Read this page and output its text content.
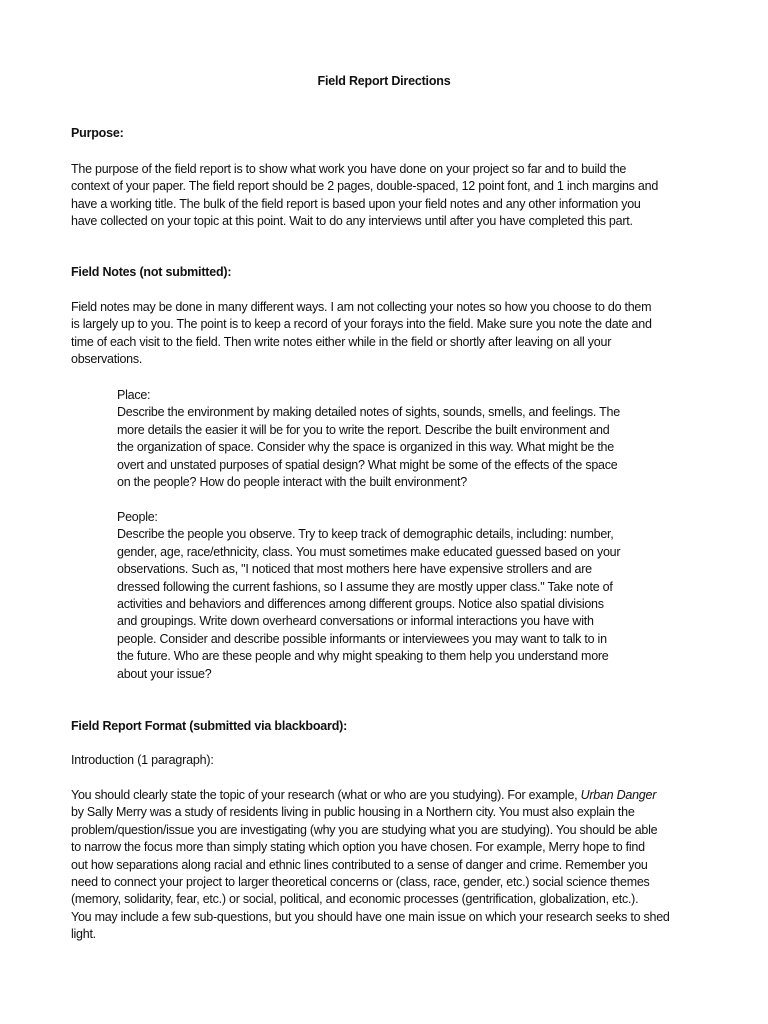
Field Report Directions
Purpose:
The purpose of the field report is to show what work you have done on your project so far and to build the
context of your paper. The field report should be 2 pages, double-spaced, 12 point font, and 1 inch margins and
have a working title. The bulk of the field report is based upon your field notes and any other information you
have collected on your topic at this point. Wait to do any interviews until after you have completed this part.
Field Notes (not submitted):
Field notes may be done in many different ways. I am not collecting your notes so how you choose to do them
is largely up to you. The point is to keep a record of your forays into the field. Make sure you note the date and
time of each visit to the field. Then write notes either while in the field or shortly after leaving on all your
observations.
Place:
Describe the environment by making detailed notes of sights, sounds, smells, and feelings. The
more details the easier it will be for you to write the report. Describe the built environment and
the organization of space. Consider why the space is organized in this way. What might be the
overt and unstated purposes of spatial design? What might be some of the effects of the space
on the people? How do people interact with the built environment?
People:
Describe the people you observe. Try to keep track of demographic details, including: number,
gender, age, race/ethnicity, class. You must sometimes make educated guessed based on your
observations. Such as, "I noticed that most mothers here have expensive strollers and are
dressed following the current fashions, so I assume they are mostly upper class." Take note of
activities and behaviors and differences among different groups. Notice also spatial divisions
and groupings. Write down overheard conversations or informal interactions you have with
people. Consider and describe possible informants or interviewees you may want to talk to in
the future. Who are these people and why might speaking to them help you understand more
about your issue?
Field Report Format (submitted via blackboard):
Introduction (1 paragraph):
You should clearly state the topic of your research (what or who are you studying). For example, Urban Danger
by Sally Merry was a study of residents living in public housing in a Northern city. You must also explain the
problem/question/issue you are investigating (why you are studying what you are studying). You should be able
to narrow the focus more than simply stating which option you have chosen. For example, Merry hope to find
out how separations along racial and ethnic lines contributed to a sense of danger and crime. Remember you
need to connect your project to larger theoretical concerns or (class, race, gender, etc.) social science themes
(memory, solidarity, fear, etc.) or social, political, and economic processes (gentrification, globalization, etc.).
You may include a few sub-questions, but you should have one main issue on which your research seeks to shed
light.
